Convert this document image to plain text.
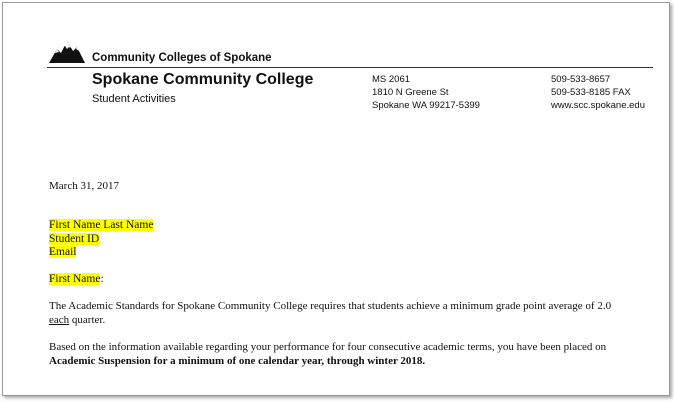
Community Colleges of Spokane
Spokane Community College
Student Activities
MS 2061
1810 N Greene St
Spokane WA 99217-5399
509-533-8657
509-533-8185 FAX
www.scc.spokane.edu
March 31, 2017
First Name Last Name
Student ID
Email
First Name:
The Academic Standards for Spokane Community College requires that students achieve a minimum grade point average of 2.0 each quarter.
Based on the information available regarding your performance for four consecutive academic terms, you have been placed on Academic Suspension for a minimum of one calendar year, through winter 2018.
